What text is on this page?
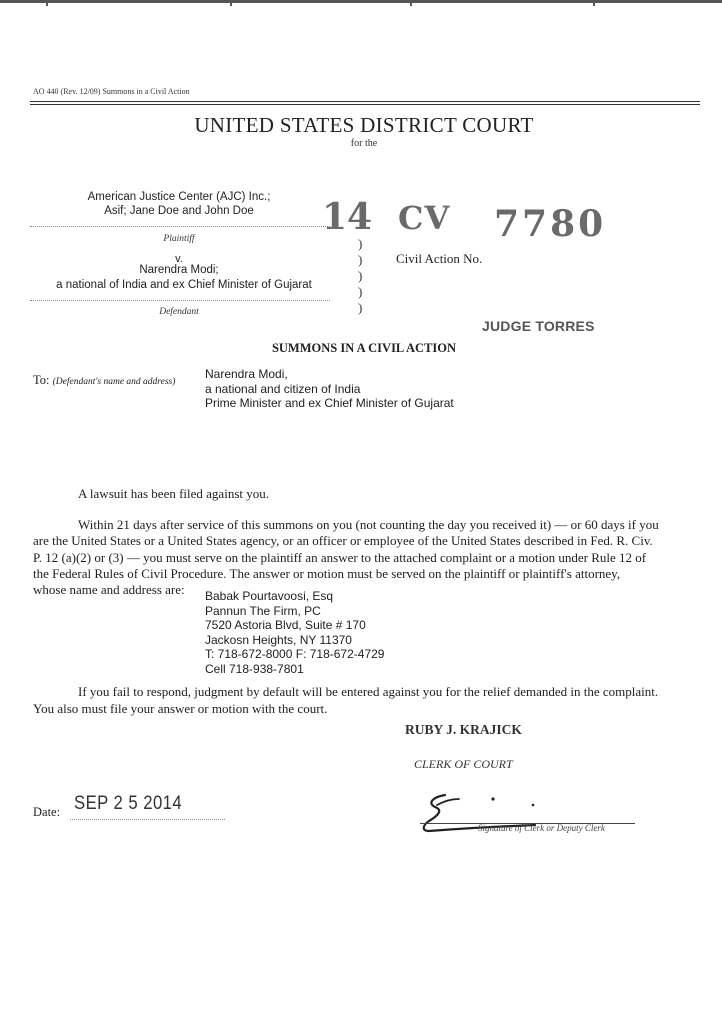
AO 440 (Rev. 12/09) Summons in a Civil Action
UNITED STATES DISTRICT COURT
for the
American Justice Center (AJC) Inc.;
Asif; Jane Doe and John Doe
Plaintiff
v.
Narendra Modi;
a national of India and ex Chief Minister of Gujarat
Defendant
)
)
)
)
)
14 CV 7780
Civil Action No.
JUDGE TORRES
SUMMONS IN A CIVIL ACTION
To: (Defendant's name and address)
Narendra Modi,
a national and citizen of India
Prime Minister and ex Chief Minister of Gujarat
A lawsuit has been filed against you.
Within 21 days after service of this summons on you (not counting the day you received it) — or 60 days if you
are the United States or a United States agency, or an officer or employee of the United States described in Fed. R. Civ.
P. 12 (a)(2) or (3) — you must serve on the plaintiff an answer to the attached complaint or a motion under Rule 12 of
the Federal Rules of Civil Procedure. The answer or motion must be served on the plaintiff or plaintiff's attorney,
whose name and address are: Babak Pourtavoosi, Esq
Pannun The Firm, PC
7520 Astoria Blvd, Suite # 170
Jackosn Heights, NY 11370
T: 718-672-8000 F: 718-672-4729
Cell 718-938-7801
If you fail to respond, judgment by default will be entered against you for the relief demanded in the complaint.
You also must file your answer or motion with the court.
RUBY J. KRAJICK
CLERK OF COURT
Signature of Clerk or Deputy Clerk
Date: SEP 2 5 2014
